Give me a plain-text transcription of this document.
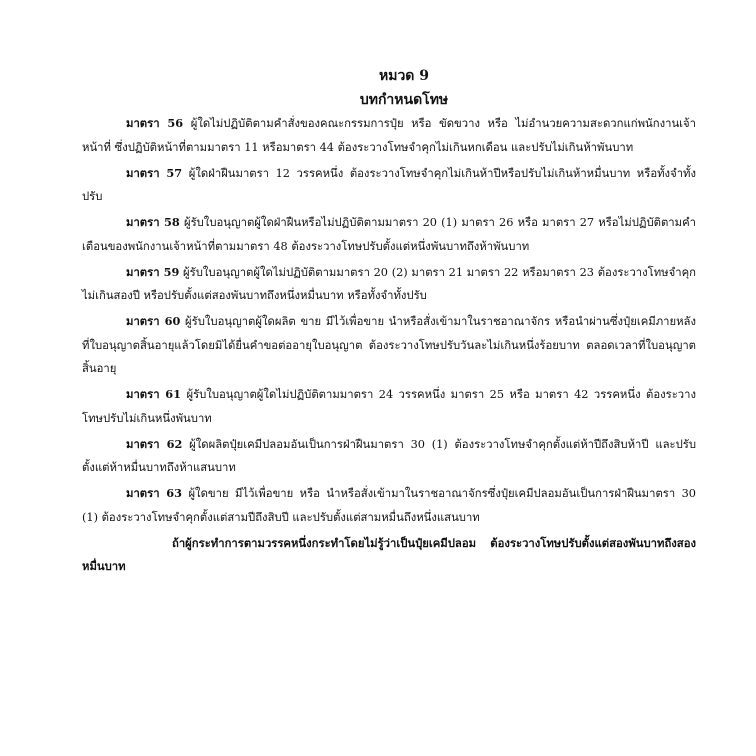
หมวด 9
บทกำหนดโทษ

มาตรา 56 ผู้ใดไม่ปฏิบัติตามคำสั่งของคณะกรรมการปุ๋ย หรือ ขัดขวาง หรือ ไม่อำนวยความสะดวกแก่พนักงานเจ้าหน้าที่ ซึ่งปฏิบัติหน้าที่ตามมาตรา 11 หรือมาตรา 44 ต้องระวางโทษจำคุกไม่เกินหกเดือน และปรับไม่เกินห้าพันบาท

มาตรา 57 ผู้ใดฝ่าฝืนมาตรา 12 วรรคหนึ่ง ต้องระวางโทษจำคุกไม่เกินห้าปีหรือปรับไม่เกินห้าหมื่นบาท หรือทั้งจำทั้งปรับ

มาตรา 58 ผู้รับใบอนุญาตผู้ใดฝ่าฝืนหรือไม่ปฏิบัติตามมาตรา 20 (1) มาตรา 26 หรือ มาตรา 27 หรือไม่ปฏิบัติตามคำเตือนของพนักงานเจ้าหน้าที่ตามมาตรา 48 ต้องระวางโทษปรับตั้งแต่หนึ่งพันบาทถึงห้าพันบาท

มาตรา 59 ผู้รับใบอนุญาตผู้ใดไม่ปฏิบัติตามมาตรา 20 (2) มาตรา 21 มาตรา 22 หรือมาตรา 23 ต้องระวางโทษจำคุกไม่เกินสองปี หรือปรับตั้งแต่สองพันบาทถึงหนึ่งหมื่นบาท หรือทั้งจำทั้งปรับ

มาตรา 60 ผู้รับใบอนุญาตผู้ใดผลิต ขาย มีไว้เพื่อขาย นำหรือสั่งเข้ามาในราชอาณาจักร หรือนำผ่านซึ่งปุ๋ยเคมีภายหลังที่ใบอนุญาตสิ้นอายุแล้วโดยมิได้ยื่นคำขอต่ออายุใบอนุญาต ต้องระวางโทษปรับวันละไม่เกินหนึ่งร้อยบาท ตลอดเวลาที่ใบอนุญาตสิ้นอายุ

มาตรา 61 ผู้รับใบอนุญาตผู้ใดไม่ปฏิบัติตามมาตรา 24 วรรคหนึ่ง มาตรา 25 หรือ มาตรา 42 วรรคหนึ่ง ต้องระวางโทษปรับไม่เกินหนึ่งพันบาท

มาตรา 62 ผู้ใดผลิตปุ๋ยเคมีปลอมอันเป็นการฝ่าฝืนมาตรา 30 (1) ต้องระวางโทษจำคุกตั้งแต่ห้าปีถึงสิบห้าปี และปรับตั้งแต่ห้าหมื่นบาทถึงห้าแสนบาท

มาตรา 63 ผู้ใดขาย มีไว้เพื่อขาย หรือ นำหรือสั่งเข้ามาในราชอาณาจักรซึ่งปุ๋ยเคมีปลอมอันเป็นการฝ่าฝืนมาตรา 30 (1) ต้องระวางโทษจำคุกตั้งแต่สามปีถึงสิบปี และปรับตั้งแต่สามหมื่นถึงหนึ่งแสนบาท

ถ้าผู้กระทำการตามวรรคหนึ่งกระทำโดยไม่รู้ว่าเป็นปุ๋ยเคมีปลอม ต้องระวางโทษปรับตั้งแต่สองพันบาทถึงสองหมื่นบาท
